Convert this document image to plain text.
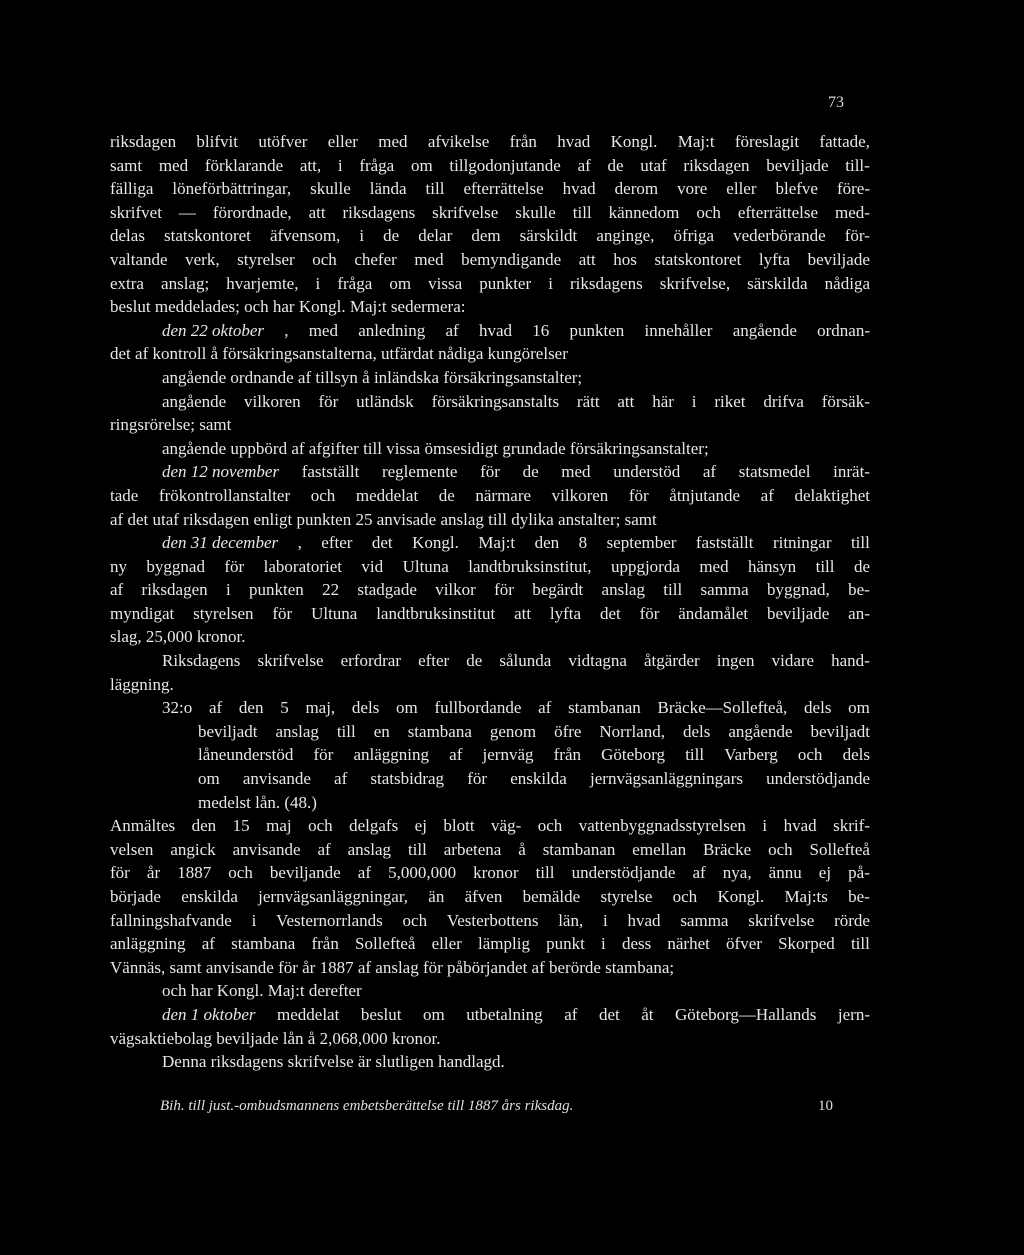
73
riksdagen blifvit utöfver eller med afvikelse från hvad Kongl. Maj:t föreslagit fattade,
samt med förklarande att, i fråga om tillgodonjutande af de utaf riksdagen beviljade till-
fälliga löneförbättringar, skulle lända till efterrättelse hvad derom vore eller blefve före-
skrifvet — förordnade, att riksdagens skrifvelse skulle till kännedom och efterrättelse med-
delas statskontoret äfvensom, i de delar dem särskildt anginge, öfriga vederbörande för-
valtande verk, styrelser och chefer med bemyndigande att hos statskontoret lyfta beviljade
extra anslag; hvarjemte, i fråga om vissa punkter i riksdagens skrifvelse, särskilda nådiga
beslut meddelades; och har Kongl. Maj:t sedermera:
den 22 oktober , med anledning af hvad 16 punkten innehåller angående ordnan-
det af kontroll å försäkringsanstalterna, utfärdat nådiga kungörelser
angående ordnande af tillsyn å inländska försäkringsanstalter;
angående vilkoren för utländsk försäkringsanstalts rätt att här i riket drifva försäk-
ringsrörelse; samt
angående uppbörd af afgifter till vissa ömsesidigt grundade försäkringsanstalter;
den 12 november fastställt reglemente för de med understöd af statsmedel inrät-
tade frökontrollanstalter och meddelat de närmare vilkoren för åtnjutande af delaktighet
af det utaf riksdagen enligt punkten 25 anvisade anslag till dylika anstalter; samt
den 31 december , efter det Kongl. Maj:t den 8 september fastställt ritningar till
ny byggnad för laboratoriet vid Ultuna landtbruksinstitut, uppgjorda med hänsyn till de
af riksdagen i punkten 22 stadgade vilkor för begärdt anslag till samma byggnad, be-
myndigat styrelsen för Ultuna landtbruksinstitut att lyfta det för ändamålet beviljade an-
slag, 25,000 kronor.
Riksdagens skrifvelse erfordrar efter de sålunda vidtagna åtgärder ingen vidare hand-
läggning.
32:o af den 5 maj, dels om fullbordande af stambanan Bräcke—Sollefteå, dels om
beviljadt anslag till en stambana genom öfre Norrland, dels angående beviljadt
låneunderstöd för anläggning af jernväg från Göteborg till Varberg och dels
om anvisande af statsbidrag för enskilda jernvägsanläggningars understödjande
medelst lån. (48.)
Anmältes den 15 maj och delgafs ej blott väg- och vattenbyggnadsstyrelsen i hvad skrif-
velsen angick anvisande af anslag till arbetena å stambanan emellan Bräcke och Sollefteå
för år 1887 och beviljande af 5,000,000 kronor till understödjande af nya, ännu ej på-
började enskilda jernvägsanläggningar, än äfven bemälde styrelse och Kongl. Maj:ts be-
fallningshafvande i Vesternorrlands och Vesterbottens län, i hvad samma skrifvelse rörde
anläggning af stambana från Sollefteå eller lämplig punkt i dess närhet öfver Skorped till
Vännäs, samt anvisande för år 1887 af anslag för påbörjandet af berörde stambana;
och har Kongl. Maj:t derefter
den 1 oktober meddelat beslut om utbetalning af det åt Göteborg—Hallands jern-
vägsaktiebolag beviljade lån å 2,068,000 kronor.
Denna riksdagens skrifvelse är slutligen handlagd.
Bih. till just.-ombudsmannens embetsberättelse till 1887 års riksdag.	10
